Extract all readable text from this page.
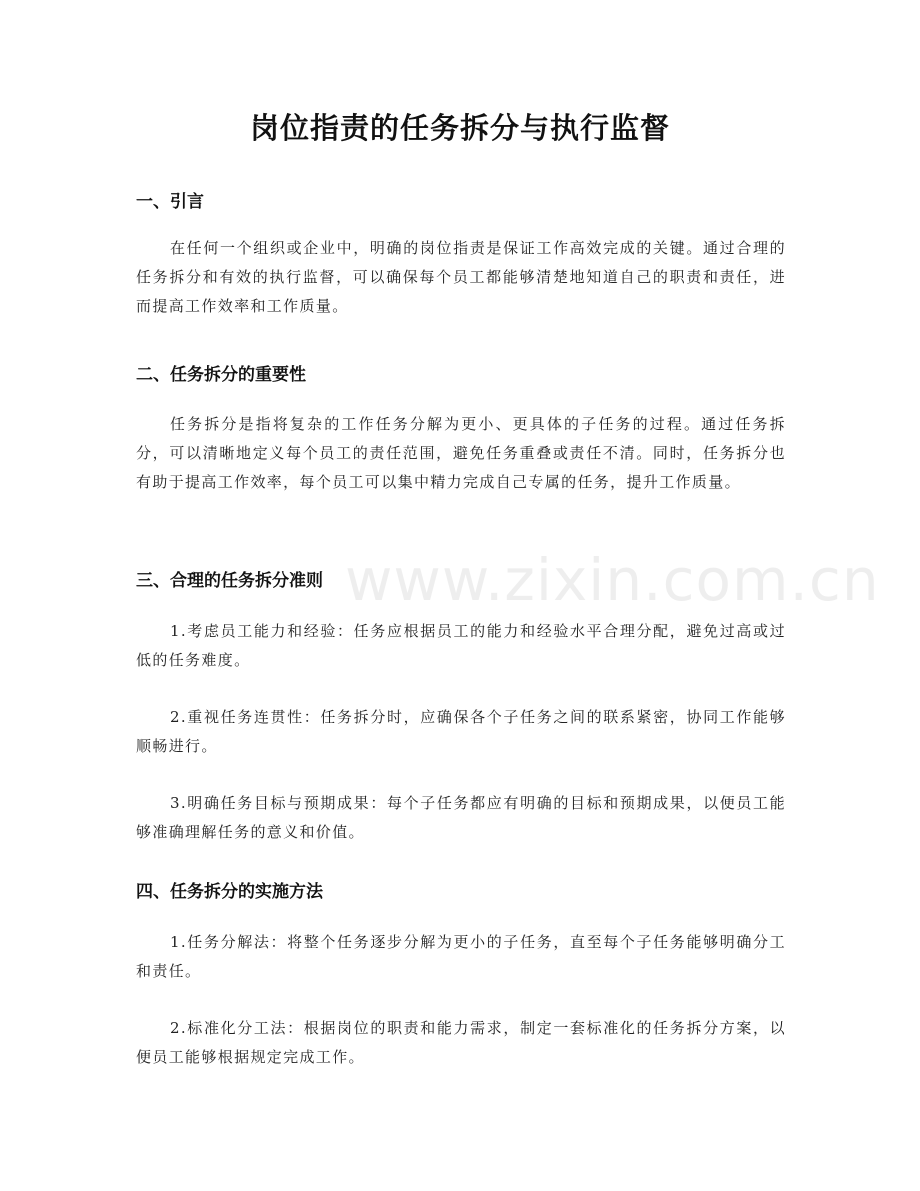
www.zixin.com.cn
岗位指责的任务拆分与执行监督
一、引言

在任何一个组织或企业中，明确的岗位指责是保证工作高效完成的关键。通过合理的任务拆分和有效的执行监督，可以确保每个员工都能够清楚地知道自己的职责和责任，进而提高工作效率和工作质量。

二、任务拆分的重要性

任务拆分是指将复杂的工作任务分解为更小、更具体的子任务的过程。通过任务拆分，可以清晰地定义每个员工的责任范围，避免任务重叠或责任不清。同时，任务拆分也有助于提高工作效率，每个员工可以集中精力完成自己专属的任务，提升工作质量。

三、合理的任务拆分准则

1.考虑员工能力和经验：任务应根据员工的能力和经验水平合理分配，避免过高或过低的任务难度。

2.重视任务连贯性：任务拆分时，应确保各个子任务之间的联系紧密，协同工作能够顺畅进行。

3.明确任务目标与预期成果：每个子任务都应有明确的目标和预期成果，以便员工能够准确理解任务的意义和价值。

四、任务拆分的实施方法

1.任务分解法：将整个任务逐步分解为更小的子任务，直至每个子任务能够明确分工和责任。

2.标准化分工法：根据岗位的职责和能力需求，制定一套标准化的任务拆分方案，以便员工能够根据规定完成工作。
